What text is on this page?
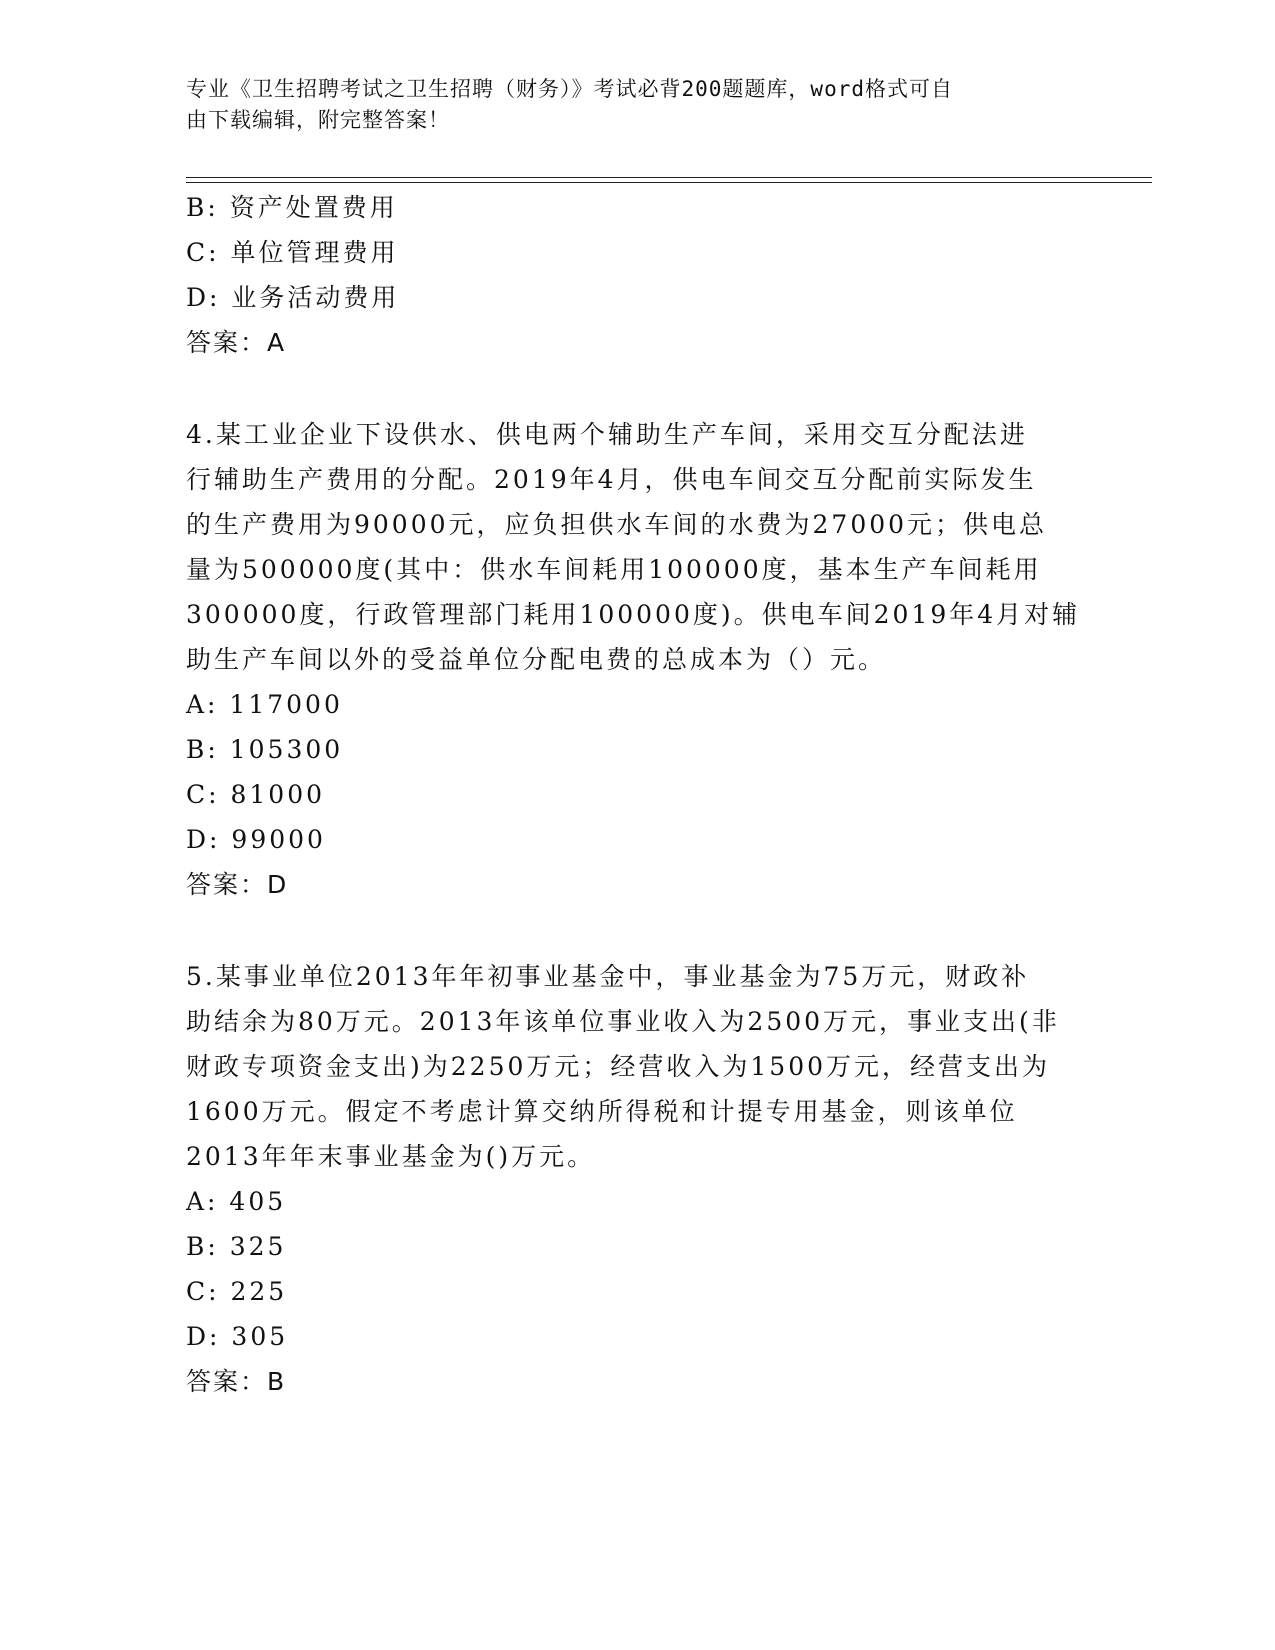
专业《卫生招聘考试之卫生招聘（财务）》考试必背200题题库，word格式可自
由下载编辑，附完整答案！
B: 资产处置费用
C: 单位管理费用
D: 业务活动费用
答案：A
4.某工业企业下设供水、供电两个辅助生产车间，采用交互分配法进
行辅助生产费用的分配。2019年4月，供电车间交互分配前实际发生
的生产费用为90000元，应负担供水车间的水费为27000元；供电总
量为500000度(其中：供水车间耗用100000度，基本生产车间耗用
300000度，行政管理部门耗用100000度)。供电车间2019年4月对辅
助生产车间以外的受益单位分配电费的总成本为（）元。
A: 117000
B: 105300
C: 81000
D: 99000
答案：D
5.某事业单位2013年年初事业基金中，事业基金为75万元，财政补
助结余为80万元。2013年该单位事业收入为2500万元，事业支出(非
财政专项资金支出)为2250万元；经营收入为1500万元，经营支出为
1600万元。假定不考虑计算交纳所得税和计提专用基金，则该单位
2013年年末事业基金为()万元。
A: 405
B: 325
C: 225
D: 305
答案：B
